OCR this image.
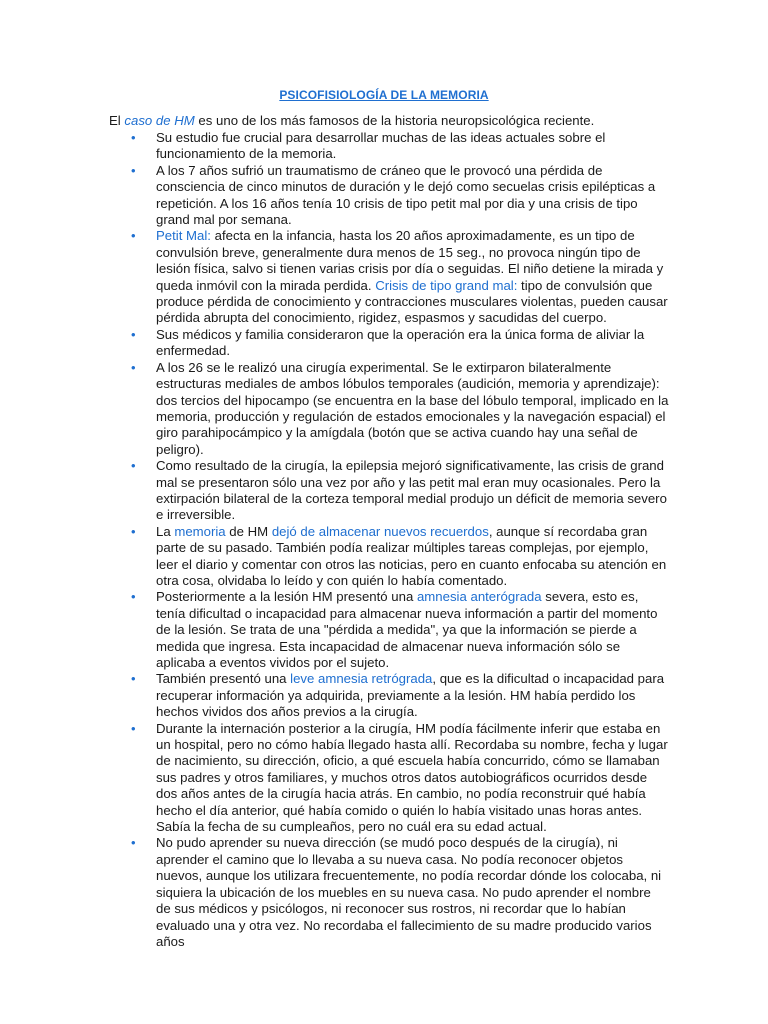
PSICOFISIOLOGÍA DE LA MEMORIA

El caso de HM es uno de los más famosos de la historia neuropsicológica reciente.

• Su estudio fue crucial para desarrollar muchas de las ideas actuales sobre el funcionamiento de la memoria.
• A los 7 años sufrió un traumatismo de cráneo que le provocó una pérdida de consciencia de cinco minutos de duración y le dejó como secuelas crisis epilépticas a repetición. A los 16 años tenía 10 crisis de tipo petit mal por dia y una crisis de tipo grand mal por semana.
• Petit Mal: afecta en la infancia, hasta los 20 años aproximadamente, es un tipo de convulsión breve, generalmente dura menos de 15 seg., no provoca ningún tipo de lesión física, salvo si tienen varias crisis por día o seguidas. El niño detiene la mirada y queda inmóvil con la mirada perdida. Crisis de tipo grand mal: tipo de convulsión que produce pérdida de conocimiento y contracciones musculares violentas, pueden causar pérdida abrupta del conocimiento, rigidez, espasmos y sacudidas del cuerpo.
• Sus médicos y familia consideraron que la operación era la única forma de aliviar la enfermedad.
• A los 26 se le realizó una cirugía experimental. Se le extirparon bilateralmente estructuras mediales de ambos lóbulos temporales (audición, memoria y aprendizaje): dos tercios del hipocampo (se encuentra en la base del lóbulo temporal, implicado en la memoria, producción y regulación de estados emocionales y la navegación espacial) el giro parahipocámpico y la amígdala (botón que se activa cuando hay una señal de peligro).
• Como resultado de la cirugía, la epilepsia mejoró significativamente, las crisis de grand mal se presentaron sólo una vez por año y las petit mal eran muy ocasionales. Pero la extirpación bilateral de la corteza temporal medial produjo un déficit de memoria severo e irreversible.
• La memoria de HM dejó de almacenar nuevos recuerdos, aunque sí recordaba gran parte de su pasado. También podía realizar múltiples tareas complejas, por ejemplo, leer el diario y comentar con otros las noticias, pero en cuanto enfocaba su atención en otra cosa, olvidaba lo leído y con quién lo había comentado.
• Posteriormente a la lesión HM presentó una amnesia anterógrada severa, esto es, tenía dificultad o incapacidad para almacenar nueva información a partir del momento de la lesión. Se trata de una "pérdida a medida", ya que la información se pierde a medida que ingresa. Esta incapacidad de almacenar nueva información sólo se aplicaba a eventos vividos por el sujeto.
• También presentó una leve amnesia retrógrada, que es la dificultad o incapacidad para recuperar información ya adquirida, previamente a la lesión. HM había perdido los hechos vividos dos años previos a la cirugía.
• Durante la internación posterior a la cirugía, HM podía fácilmente inferir que estaba en un hospital, pero no cómo había llegado hasta allí. Recordaba su nombre, fecha y lugar de nacimiento, su dirección, oficio, a qué escuela había concurrido, cómo se llamaban sus padres y otros familiares, y muchos otros datos autobiográficos ocurridos desde dos años antes de la cirugía hacia atrás. En cambio, no podía reconstruir qué había hecho el día anterior, qué había comido o quién lo había visitado unas horas antes. Sabía la fecha de su cumpleaños, pero no cuál era su edad actual.
• No pudo aprender su nueva dirección (se mudó poco después de la cirugía), ni aprender el camino que lo llevaba a su nueva casa. No podía reconocer objetos nuevos, aunque los utilizara frecuentemente, no podía recordar dónde los colocaba, ni siquiera la ubicación de los muebles en su nueva casa. No pudo aprender el nombre de sus médicos y psicólogos, ni reconocer sus rostros, ni recordar que lo habían evaluado una y otra vez. No recordaba el fallecimiento de su madre producido varios años
